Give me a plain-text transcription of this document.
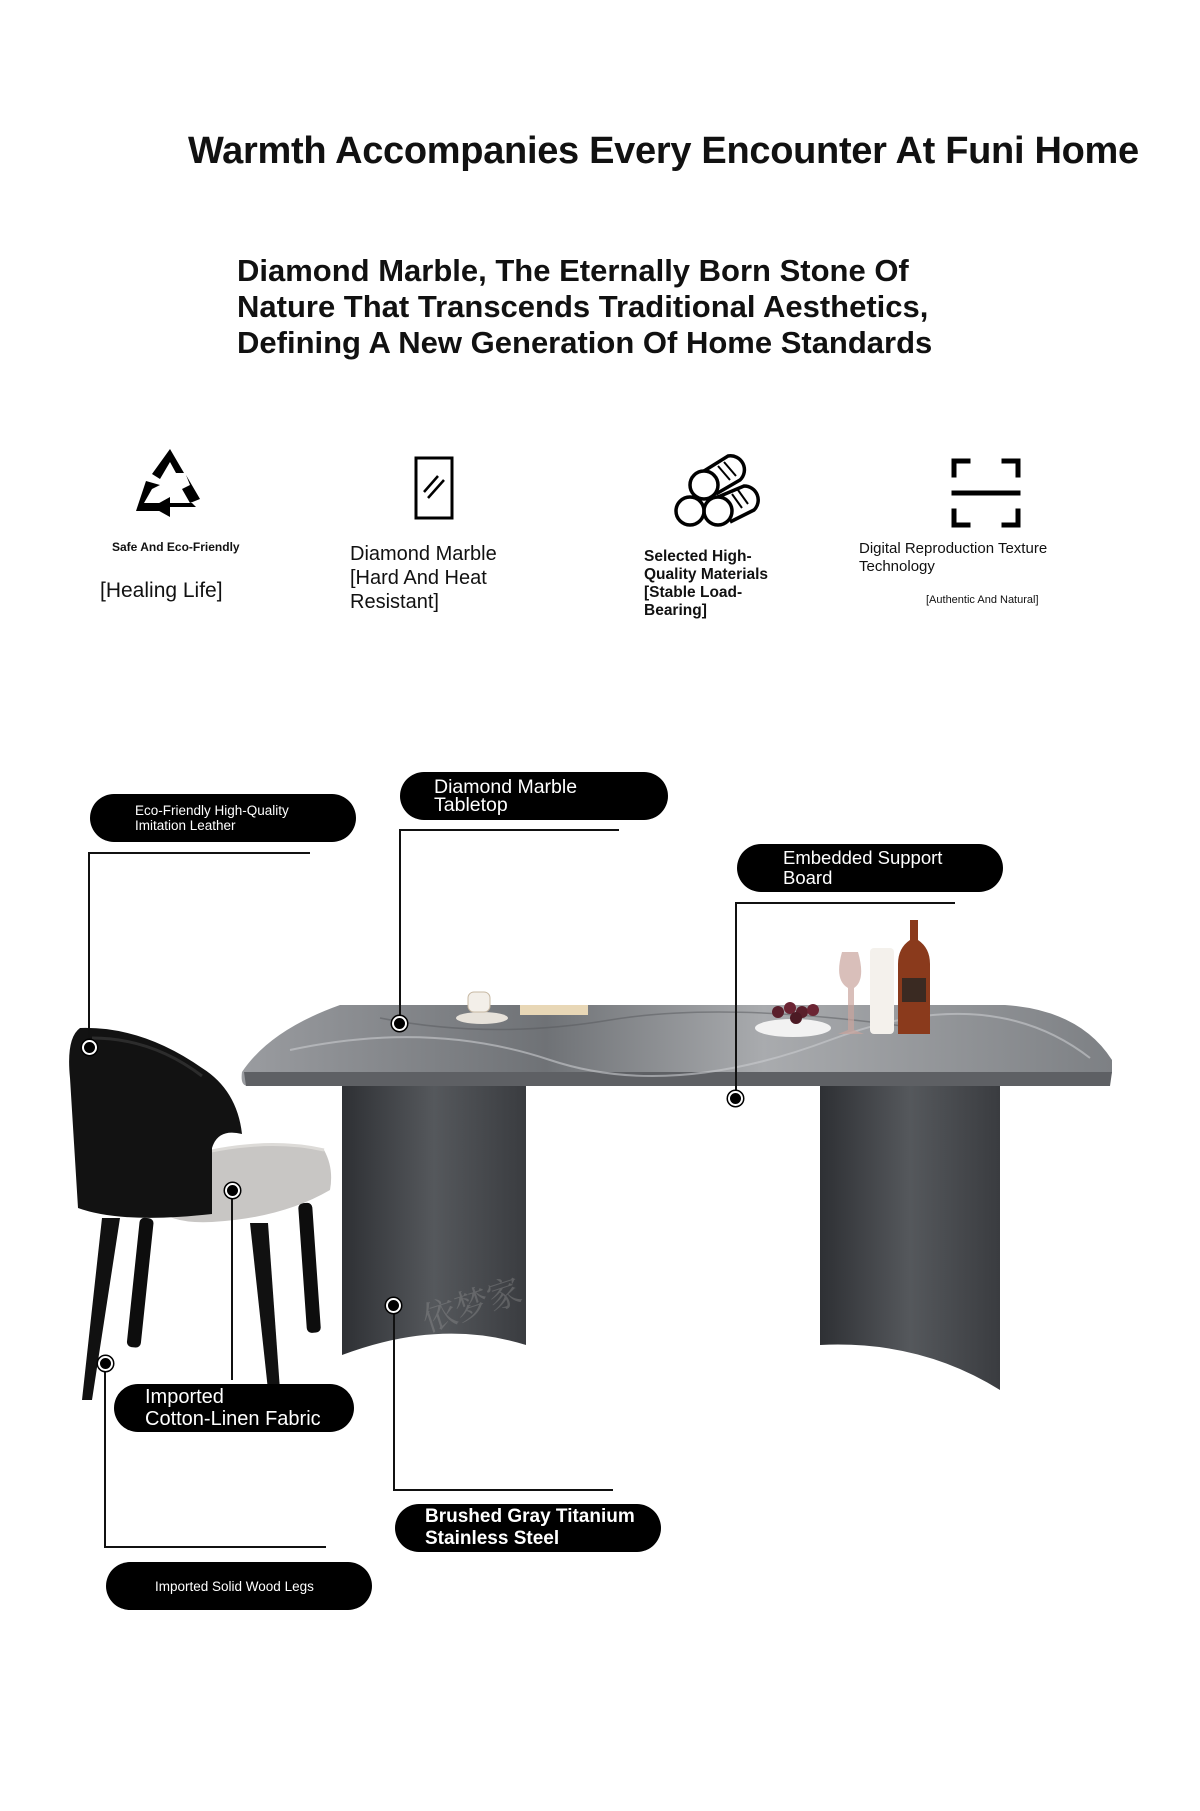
Warmth Accompanies Every Encounter At Funi Home
Diamond Marble, The Eternally Born Stone Of
Nature That Transcends Traditional Aesthetics,
Defining A New Generation Of Home Standards
Safe And Eco-Friendly
[Healing Life]
Diamond Marble
[Hard And Heat Resistant]
Selected High-Quality Materials [Stable Load-Bearing]
Digital Reproduction Texture Technology
[Authentic And Natural]
Eco-Friendly High-Quality
Imitation Leather
Diamond Marble
Tabletop
Embedded Support
Board
Imported
Cotton-Linen Fabric
Brushed Gray Titanium
Stainless Steel
Imported Solid Wood Legs
依梦家
